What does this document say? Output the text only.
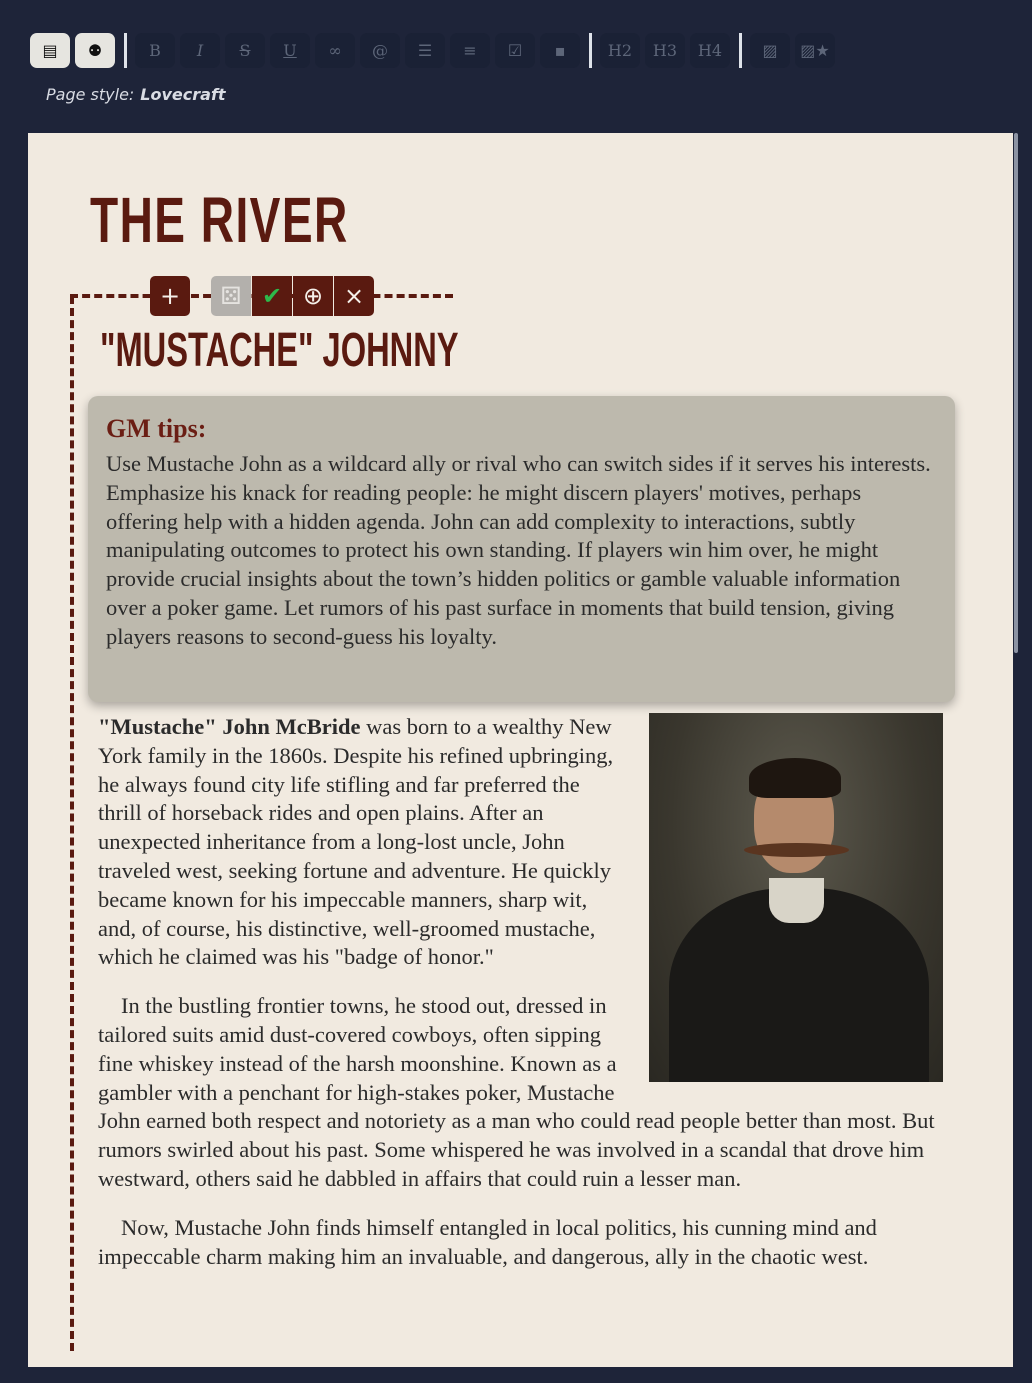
▤ ⚉	B I S U ∞ @ ☰ ≡ ☑ ▪	H2 H3 H4	▨ ▨★
Page style: Lovecraft
THE RIVER
+ ⚄ ✔ ⊕ ×
"MUSTACHE" JOHNNY
GM tips:

Use Mustache John as a wildcard ally or rival who can switch sides if it serves his interests. Emphasize his knack for reading people: he might discern players' motives, perhaps offering help with a hidden agenda. John can add complexity to interactions, subtly manipulating outcomes to protect his own standing. If players win him over, he might provide crucial insights about the town’s hidden politics or gamble valuable information over a poker game. Let rumors of his past surface in moments that build tension, giving players reasons to second-guess his loyalty.

"Mustache" John McBride was born to a wealthy New York family in the 1860s. Despite his refined upbringing, he always found city life stifling and far preferred the thrill of horseback rides and open plains. After an unexpected inheritance from a long-lost uncle, John traveled west, seeking fortune and adventure. He quickly became known for his impeccable manners, sharp wit, and, of course, his distinctive, well-groomed mustache, which he claimed was his "badge of honor."

In the bustling frontier towns, he stood out, dressed in tailored suits amid dust-covered cowboys, often sipping fine whiskey instead of the harsh moonshine. Known as a gambler with a penchant for high-stakes poker, Mustache John earned both respect and notoriety as a man who could read people better than most. But rumors swirled about his past. Some whispered he was involved in a scandal that drove him westward, others said he dabbled in affairs that could ruin a lesser man.

Now, Mustache John finds himself entangled in local politics, his cunning mind and impeccable charm making him an invaluable, and dangerous, ally in the chaotic west.
